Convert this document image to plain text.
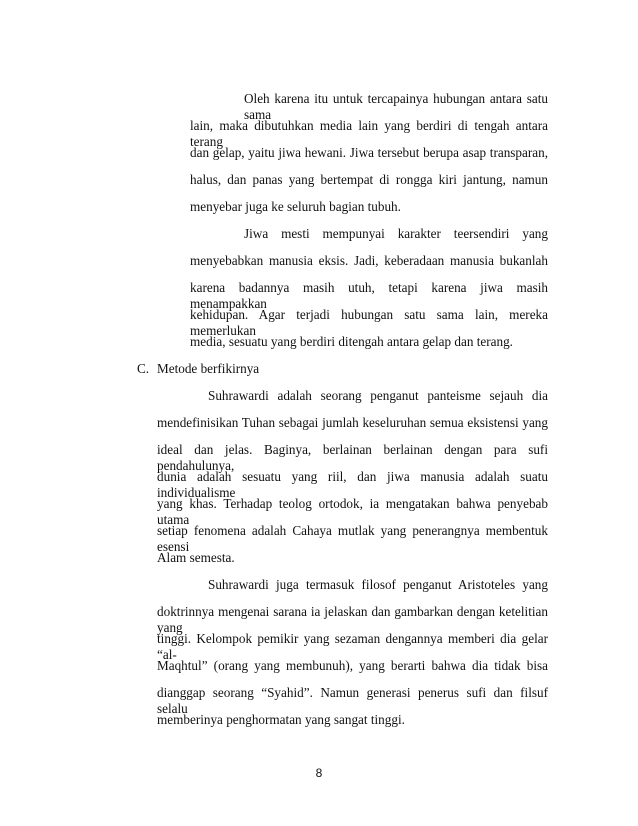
Oleh karena itu untuk tercapainya hubungan antara satu sama

lain, maka dibutuhkan media lain yang berdiri di tengah antara terang

dan gelap, yaitu jiwa hewani. Jiwa tersebut berupa asap transparan,

halus, dan panas yang bertempat di rongga kiri jantung, namun

menyebar juga ke seluruh bagian tubuh.

Jiwa mesti mempunyai karakter teersendiri yang

menyebabkan manusia eksis. Jadi, keberadaan manusia bukanlah

karena badannya masih utuh, tetapi karena jiwa masih menampakkan

kehidupan. Agar terjadi hubungan satu sama lain, mereka memerlukan

media, sesuatu yang berdiri ditengah antara gelap dan terang.

C. Metode berfikirnya

Suhrawardi adalah seorang penganut panteisme sejauh dia

mendefinisikan Tuhan sebagai jumlah keseluruhan semua eksistensi yang

ideal dan jelas. Baginya, berlainan berlainan dengan para sufi pendahulunya,

dunia adalah sesuatu yang riil, dan jiwa manusia adalah suatu individualisme

yang khas. Terhadap teolog ortodok, ia mengatakan bahwa penyebab utama

setiap fenomena adalah Cahaya mutlak yang penerangnya membentuk esensi

Alam semesta.

Suhrawardi juga termasuk filosof penganut Aristoteles yang

doktrinnya mengenai sarana ia jelaskan dan gambarkan dengan ketelitian yang

tinggi. Kelompok pemikir yang sezaman dengannya memberi dia gelar “al-

Maqhtul” (orang yang membunuh), yang berarti bahwa dia tidak bisa

dianggap seorang “Syahid”. Namun generasi penerus sufi dan filsuf selalu

memberinya penghormatan yang sangat tinggi.

8
